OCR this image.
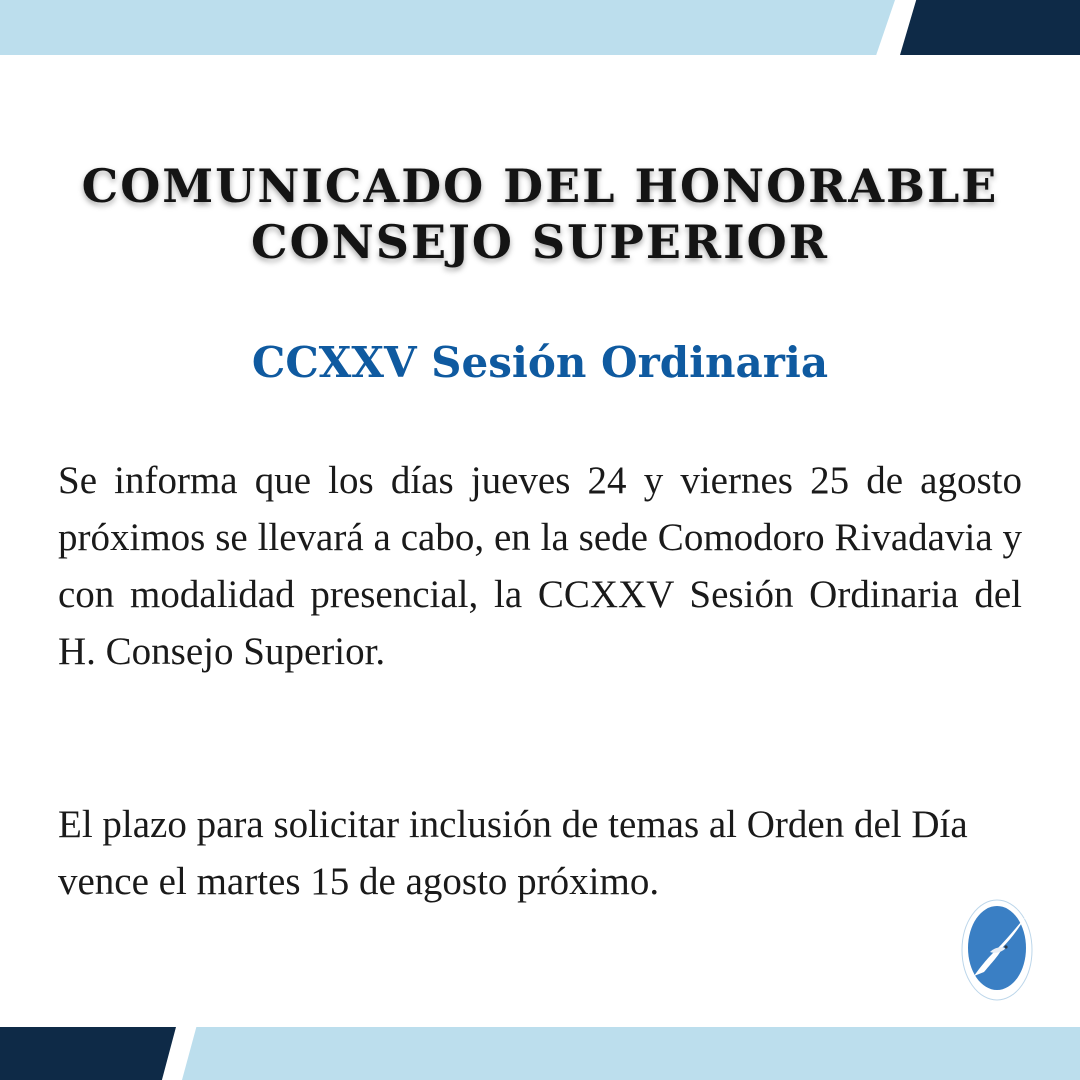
COMUNICADO DEL HONORABLE
CONSEJO SUPERIOR
CCXXV Sesión Ordinaria

Se informa que los días jueves 24 y viernes 25 de agosto próximos se llevará a cabo, en la sede Comodoro Rivadavia y con modalidad presencial, la CCXXV Sesión Ordinaria del H. Consejo Superior.

El plazo para solicitar inclusión de temas al Orden del Día vence el martes 15 de agosto próximo.
